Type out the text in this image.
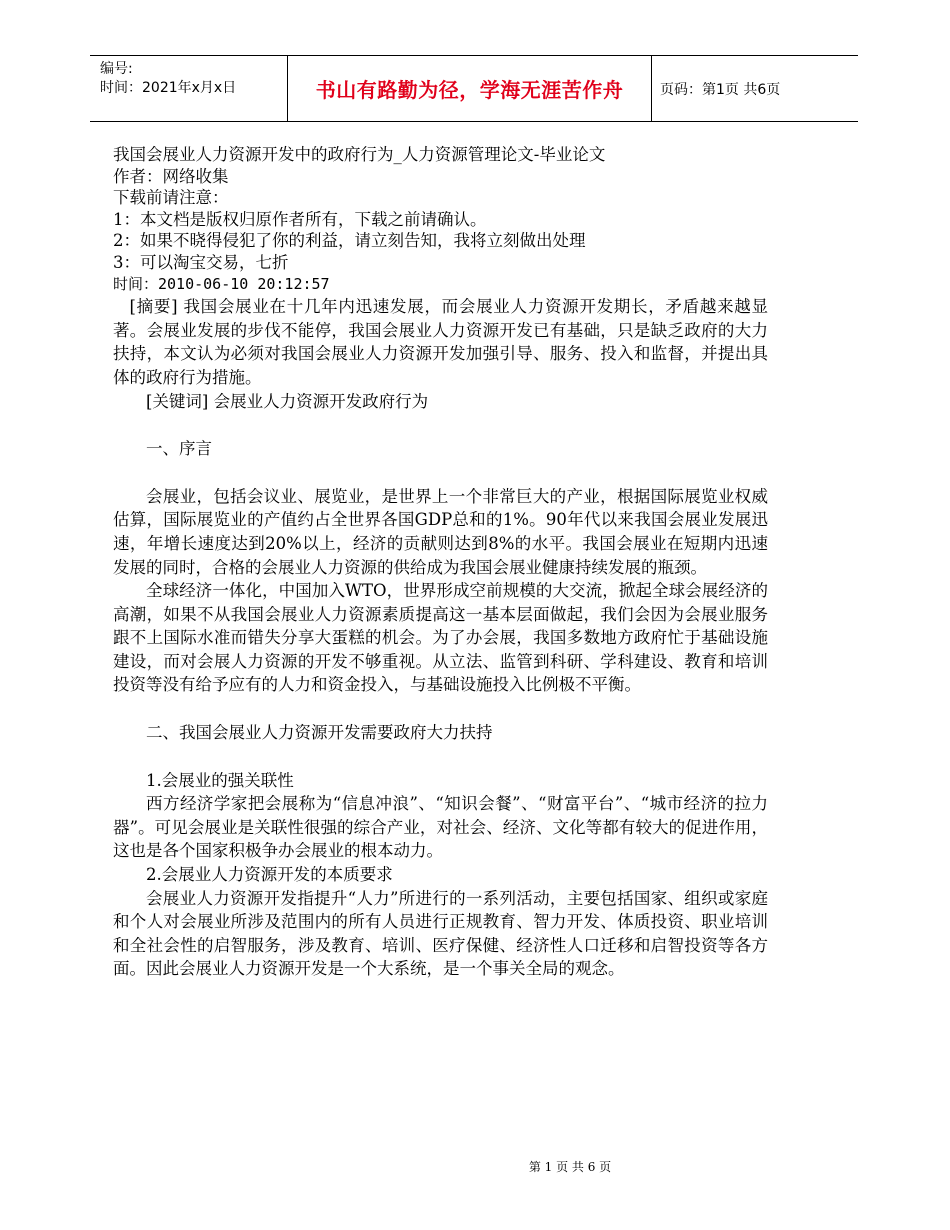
编号:
时间：2021年x月x日	书山有路勤为径，学海无涯苦作舟	页码：第1页 共6页
我国会展业人力资源开发中的政府行为_人力资源管理论文-毕业论文
作者：网络收集
下载前请注意：
1：本文档是版权归原作者所有，下载之前请确认。
2：如果不晓得侵犯了你的利益，请立刻告知，我将立刻做出处理
3：可以淘宝交易，七折
时间：2010-06-10 20:12:57

[摘要] 我国会展业在十几年内迅速发展，而会展业人力资源开发期长，矛盾越来越显著。会展业发展的步伐不能停，我国会展业人力资源开发已有基础，只是缺乏政府的大力扶持，本文认为必须对我国会展业人力资源开发加强引导、服务、投入和监督，并提出具体的政府行为措施。

[关键词] 会展业人力资源开发政府行为

一、序言

会展业，包括会议业、展览业，是世界上一个非常巨大的产业，根据国际展览业权威估算，国际展览业的产值约占全世界各国GDP总和的1%。90年代以来我国会展业发展迅速，年增长速度达到20%以上，经济的贡献则达到8%的水平。我国会展业在短期内迅速发展的同时，合格的会展业人力资源的供给成为我国会展业健康持续发展的瓶颈。

全球经济一体化，中国加入WTO，世界形成空前规模的大交流，掀起全球会展经济的高潮，如果不从我国会展业人力资源素质提高这一基本层面做起，我们会因为会展业服务跟不上国际水准而错失分享大蛋糕的机会。为了办会展，我国多数地方政府忙于基础设施建设，而对会展人力资源的开发不够重视。从立法、监管到科研、学科建设、教育和培训投资等没有给予应有的人力和资金投入，与基础设施投入比例极不平衡。

二、我国会展业人力资源开发需要政府大力扶持

1.会展业的强关联性

西方经济学家把会展称为“信息冲浪”、“知识会餐”、“财富平台”、“城市经济的拉力器”。可见会展业是关联性很强的综合产业，对社会、经济、文化等都有较大的促进作用，这也是各个国家积极争办会展业的根本动力。

2.会展业人力资源开发的本质要求

会展业人力资源开发指提升“人力”所进行的一系列活动，主要包括国家、组织或家庭和个人对会展业所涉及范围内的所有人员进行正规教育、智力开发、体质投资、职业培训和全社会性的启智服务，涉及教育、培训、医疗保健、经济性人口迁移和启智投资等各方面。因此会展业人力资源开发是一个大系统，是一个事关全局的观念。

第 1 页 共 6 页
